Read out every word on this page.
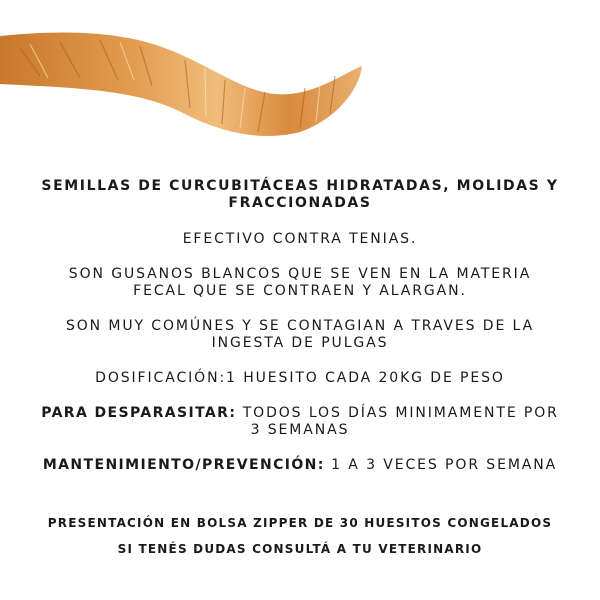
SEMILLAS DE CURCUBITÁCEAS HIDRATADAS, MOLIDAS Y FRACCIONADAS
EFECTIVO CONTRA TENIAS.
SON GUSANOS BLANCOS QUE SE VEN EN LA MATERIA FECAL QUE SE CONTRAEN Y ALARGAN.
SON MUY COMÚNES Y SE CONTAGIAN A TRAVES DE LA INGESTA DE PULGAS
DOSIFICACIÓN:1 HUESITO CADA 20KG DE PESO
PARA DESPARASITAR: TODOS LOS DÍAS MINIMAMENTE POR 3 SEMANAS
MANTENIMIENTO/PREVENCIÓN: 1 A 3 VECES POR SEMANA
PRESENTACIÓN EN BOLSA ZIPPER DE 30 HUESITOS CONGELADOS
SI TENÉS DUDAS CONSULTÁ A TU VETERINARIO
